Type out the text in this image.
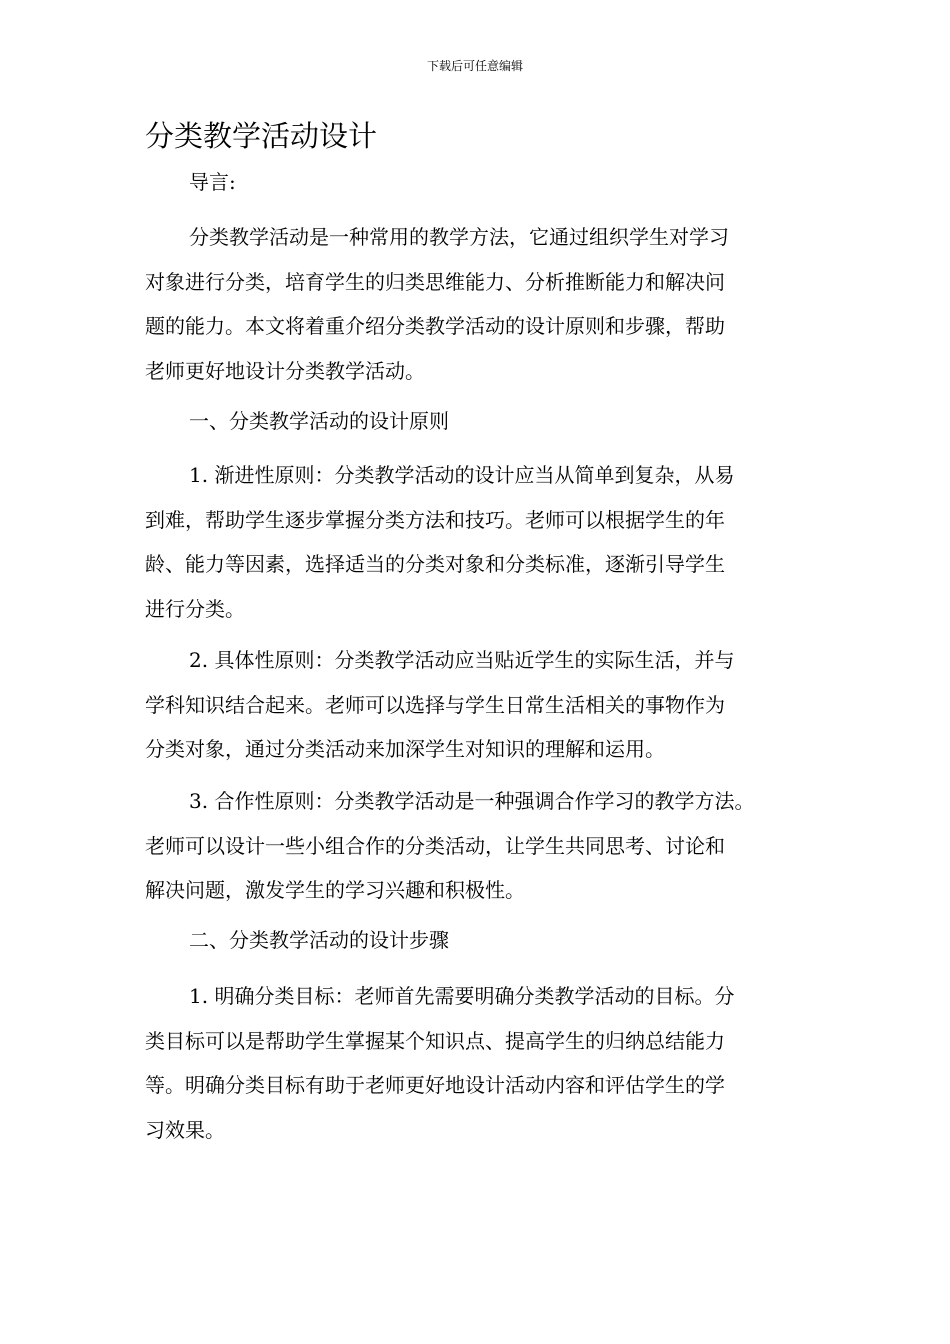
下载后可任意编辑
分类教学活动设计
导言:
分类教学活动是一种常用的教学方法，它通过组织学生对学习
对象进行分类，培育学生的归类思维能力、分析推断能力和解决问
题的能力。本文将着重介绍分类教学活动的设计原则和步骤，帮助
老师更好地设计分类教学活动。
一、分类教学活动的设计原则
1. 渐进性原则：分类教学活动的设计应当从简单到复杂，从易
到难，帮助学生逐步掌握分类方法和技巧。老师可以根据学生的年
龄、能力等因素，选择适当的分类对象和分类标准，逐渐引导学生
进行分类。
2. 具体性原则：分类教学活动应当贴近学生的实际生活，并与
学科知识结合起来。老师可以选择与学生日常生活相关的事物作为
分类对象，通过分类活动来加深学生对知识的理解和运用。
3. 合作性原则：分类教学活动是一种强调合作学习的教学方法。
老师可以设计一些小组合作的分类活动，让学生共同思考、讨论和
解决问题，激发学生的学习兴趣和积极性。
二、分类教学活动的设计步骤
1. 明确分类目标：老师首先需要明确分类教学活动的目标。分
类目标可以是帮助学生掌握某个知识点、提高学生的归纳总结能力
等。明确分类目标有助于老师更好地设计活动内容和评估学生的学
习效果。
